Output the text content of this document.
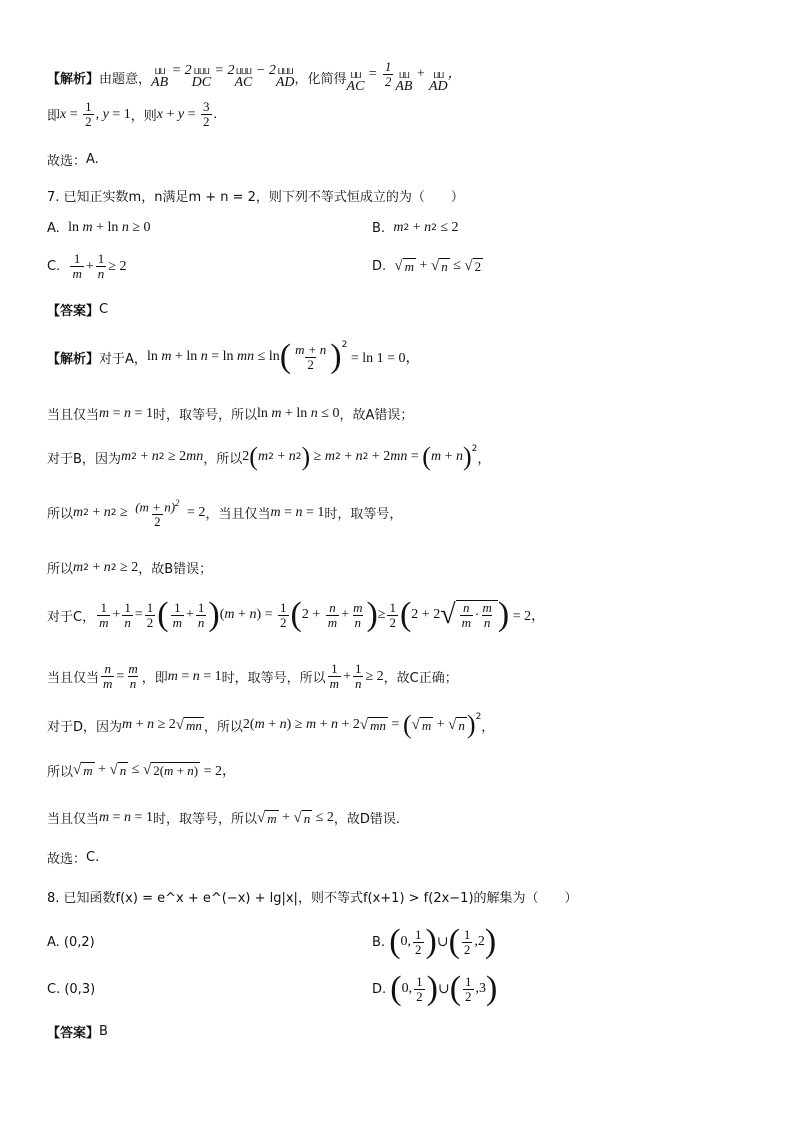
【解析】 由题意， ⵡⵡ
AB = 2 ⵡⵡⵡ
DC = 2 ⵡⵡⵡ
AC − 2 ⵡⵡⵡ
AD ，化简得 ⵡⵡ
AC = $\frac{1}{2}$ ⵡⵡ
AB + ⵡⵡ
AD，
即 $x = \frac{1}{2}$ , y = 1 ，则 $x + y = \frac{3}{2}$ .
故选： A.
7. 已知正实数m，n满足m + n = 2，则下列不等式恒成立的为（　　）
A.
ln m + ln n ≥ 0	B.
m 2 + n 2 ≤ 2
C.
$\frac{1}{m} + \frac{1}{n} \ge 2$	D.
√ m + √ n ≤ √ 2
【答案】 C
【解析】 对于 A， ln m + ln n = ln mn ≤ ln ( $\frac{m + n}{2} )^2$
= ln 1 = 0，
当且仅当 m = n = 1 时，取等号， 所以 ln m + ln n ≤ 0 ，故A错误；
对于 B， 因为 m 2 + n 2 ≥ 2 mn ， 所以 2 ( m 2 + n 2 ) ≥ m 2 + n 2 + 2 mn = ( m + n )$^2$
，
所以 m 2 + n $2 \ge \frac{(m + n)^2}{2} = 2$ ， 当且仅当 m = n = 1 时，取等号，
所以 m 2 + n 2 ≥ 2 ，故B错误；
对于 C， $\frac{1}{m} + \frac{1}{n} = \frac{1}{2}$ ( $\frac{1}{m} + \frac{1}{n}$ ) ( m + n ) = $\frac{1}{2}$ ( $2 + \frac{n}{m} + \frac{m}{n}$ ) ≥ $\frac{1}{2}$ ( 2 + 2 √ $\frac{n}{m} \cdot \frac{m}{n}$ ) = 2，
当且仅当 $\frac{n}{m} = \frac{m}{n}$ ，即 m = n = 1 时，取等号，所以 $\frac{1}{m} + \frac{1}{n} \ge 2$ ，故C正确；
对于 D， 因为 m + n ≥ 2 √ mn ， 所以 2 ( m + n ) ≥ m + n + 2 √ mn = ( √ m + √ n )$^2$
，
所以 √ m + √ n ≤ √ 2(m + n) = 2，
当且仅当 m = n = 1 时，取等号，所以 √ m + √ n ≤ 2 ，故D错误.
故选： C.
8. 已知函数f(x) = e^x + e^(−x) + lg|x|，则不等式f(x+1) > f(2x−1)的解集为（　　）
A. (0,2)	B.
( 0, $\frac{1}{2}$ ) ∪ ( $\frac{1}{2} ,2$ )
C. (0,3)	D.
( 0, $\frac{1}{2}$ ) ∪ ( $\frac{1}{2} ,3$ )
【答案】 B
